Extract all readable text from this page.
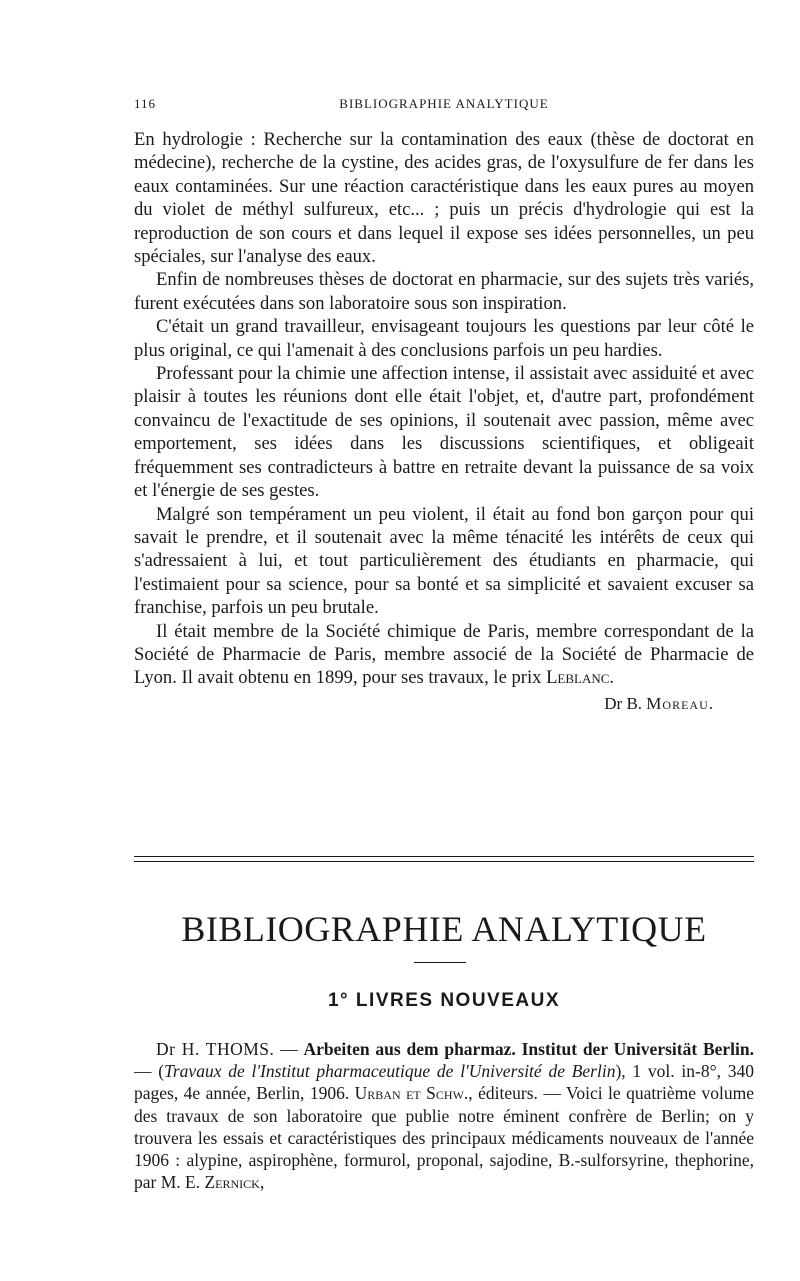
116	BIBLIOGRAPHIE ANALYTIQUE

En hydrologie : Recherche sur la contamination des eaux (thèse de doctorat en médecine), recherche de la cystine, des acides gras, de l'oxysulfure de fer dans les eaux contaminées. Sur une réaction caractéristique dans les eaux pures au moyen du violet de méthyl sulfureux, etc... ; puis un précis d'hydrologie qui est la reproduction de son cours et dans lequel il expose ses idées personnelles, un peu spéciales, sur l'analyse des eaux.

Enfin de nombreuses thèses de doctorat en pharmacie, sur des sujets très variés, furent exécutées dans son laboratoire sous son inspiration.

C'était un grand travailleur, envisageant toujours les questions par leur côté le plus original, ce qui l'amenait à des conclusions parfois un peu hardies.

Professant pour la chimie une affection intense, il assistait avec assiduité et avec plaisir à toutes les réunions dont elle était l'objet, et, d'autre part, profondément convaincu de l'exactitude de ses opinions, il soutenait avec passion, même avec emportement, ses idées dans les discussions scientifiques, et obligeait fréquemment ses contradicteurs à battre en retraite devant la puissance de sa voix et l'énergie de ses gestes.

Malgré son tempérament un peu violent, il était au fond bon garçon pour qui savait le prendre, et il soutenait avec la même ténacité les intérêts de ceux qui s'adressaient à lui, et tout particulièrement des étudiants en pharmacie, qui l'estimaient pour sa science, pour sa bonté et sa simplicité et savaient excuser sa franchise, parfois un peu brutale.

Il était membre de la Société chimique de Paris, membre correspondant de la Société de Pharmacie de Paris, membre associé de la Société de Pharmacie de Lyon. Il avait obtenu en 1899, pour ses travaux, le prix Leblanc.

Dr B. Moreau.
BIBLIOGRAPHIE ANALYTIQUE
1° LIVRES NOUVEAUX

Dr H. THOMS. — Arbeiten aus dem pharmaz. Institut der Universität Berlin. — (Travaux de l'Institut pharmaceutique de l'Université de Berlin), 1 vol. in-8°, 340 pages, 4e année, Berlin, 1906. Urban et Schw., éditeurs. — Voici le quatrième volume des travaux de son laboratoire que publie notre éminent confrère de Berlin; on y trouvera les essais et caractéristiques des principaux médicaments nouveaux de l'année 1906 : alypine, aspirophène, formurol, proponal, sajodine, B.-sulforsyrine, thephorine, par M. E. Zernick,
